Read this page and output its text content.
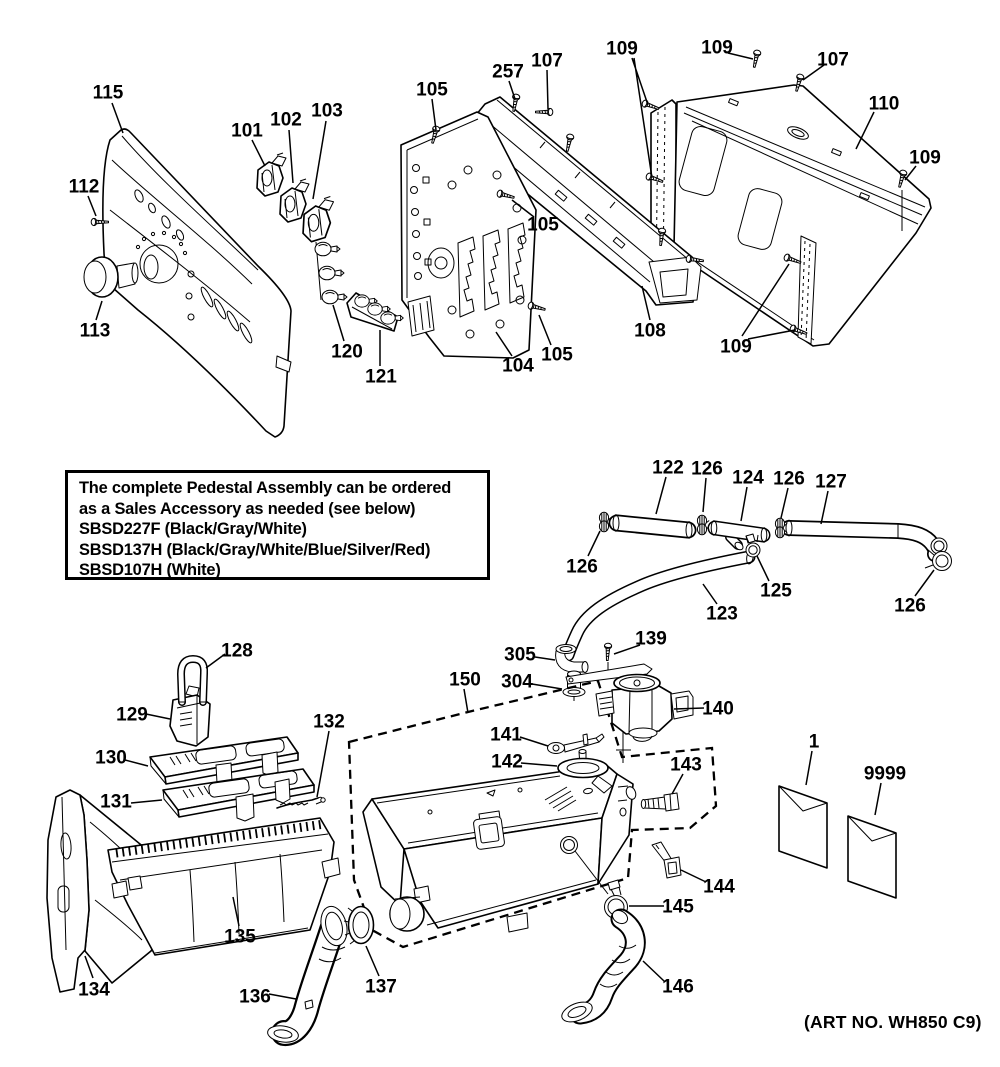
115
112
113
101
102 103
120
121
105
257
107
105
105
104
108
109	109
107
110
109
109
122 126 124 126 127
126
125
123	126
128
129
130
131
132
150
305
304
139
140
141
142	143
1
9999
144
145
146
134
135
136	137
The complete Pedestal Assembly can be ordered
as a Sales Accessory as needed (see below)
SBSD227F (Black/Gray/White)
SBSD137H (Black/Gray/White/Blue/Silver/Red)
SBSD107H (White)
(ART NO. WH850 C9)
